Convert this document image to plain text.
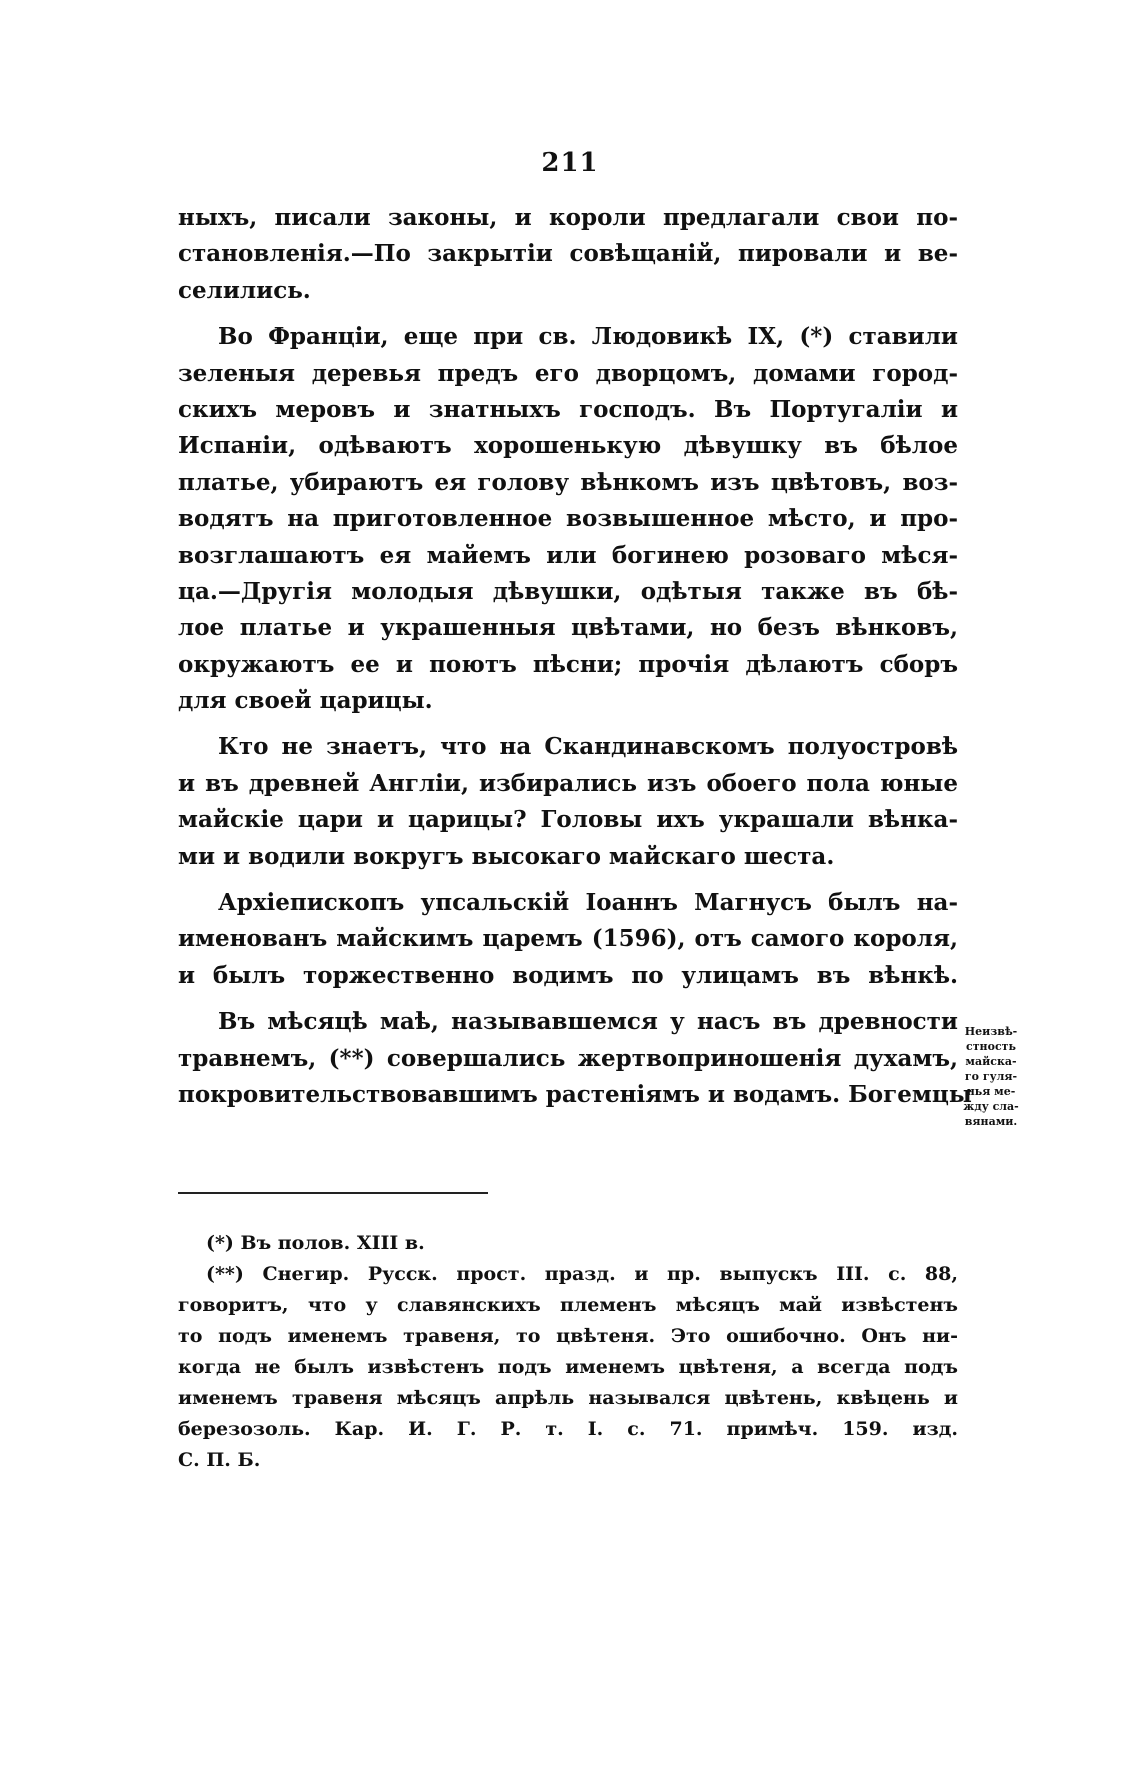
211
ныхъ, писали законы, и короли предлагали свои по-
становленія.—По закрытіи совѣщаній, пировали и ве-
селились.
Во Франціи, еще при св. Людовикѣ IX, (*) ставили
зеленыя деревья предъ его дворцомъ, домами город-
скихъ меровъ и знатныхъ господъ. Въ Португаліи и
Испаніи, одѣваютъ хорошенькую дѣвушку въ бѣлое
платье, убираютъ ея голову вѣнкомъ изъ цвѣтовъ, воз-
водятъ на приготовленное возвышенное мѣсто, и про-
возглашаютъ ея майемъ или богинею розоваго мѣся-
ца.—Другія молодыя дѣвушки, одѣтыя также въ бѣ-
лое платье и украшенныя цвѣтами, но безъ вѣнковъ,
окружаютъ ее и поютъ пѣсни; прочія дѣлаютъ сборъ
для своей царицы.
Кто не знаетъ, что на Скандинавскомъ полуостровѣ
и въ древней Англіи, избирались изъ обоего пола юные
майскіе цари и царицы? Головы ихъ украшали вѣнка-
ми и водили вокругъ высокаго майскаго шеста.
Архіепископъ упсальскій Іоаннъ Магнусъ былъ на-
именованъ майскимъ царемъ (1596), отъ самого короля,
и былъ торжественно водимъ по улицамъ въ вѣнкѣ.
Въ мѣсяцѣ маѣ, называвшемся у насъ въ древности
травнемъ, (**) совершались жертвоприношенія духамъ,
покровительствовавшимъ растеніямъ и водамъ. Богемцы
Неизвѣ-
стность
майска-
го гуля-
нья ме-
жду сла-
вянами.
(*) Въ полов. XIII в.
(**) Снегир. Русск. прост. празд. и пр. выпускъ III. с. 88,
говоритъ, что у славянскихъ племенъ мѣсяцъ май извѣстенъ
то подъ именемъ травеня, то цвѣтеня. Это ошибочно. Онъ ни-
когда не былъ извѣстенъ подъ именемъ цвѣтеня, а всегда подъ
именемъ травеня мѣсяцъ апрѣль назывался цвѣтень, квѣцень и
березозоль. Кар. И. Г. Р. т. I. с. 71. примѣч. 159. изд.
С. П. Б.
